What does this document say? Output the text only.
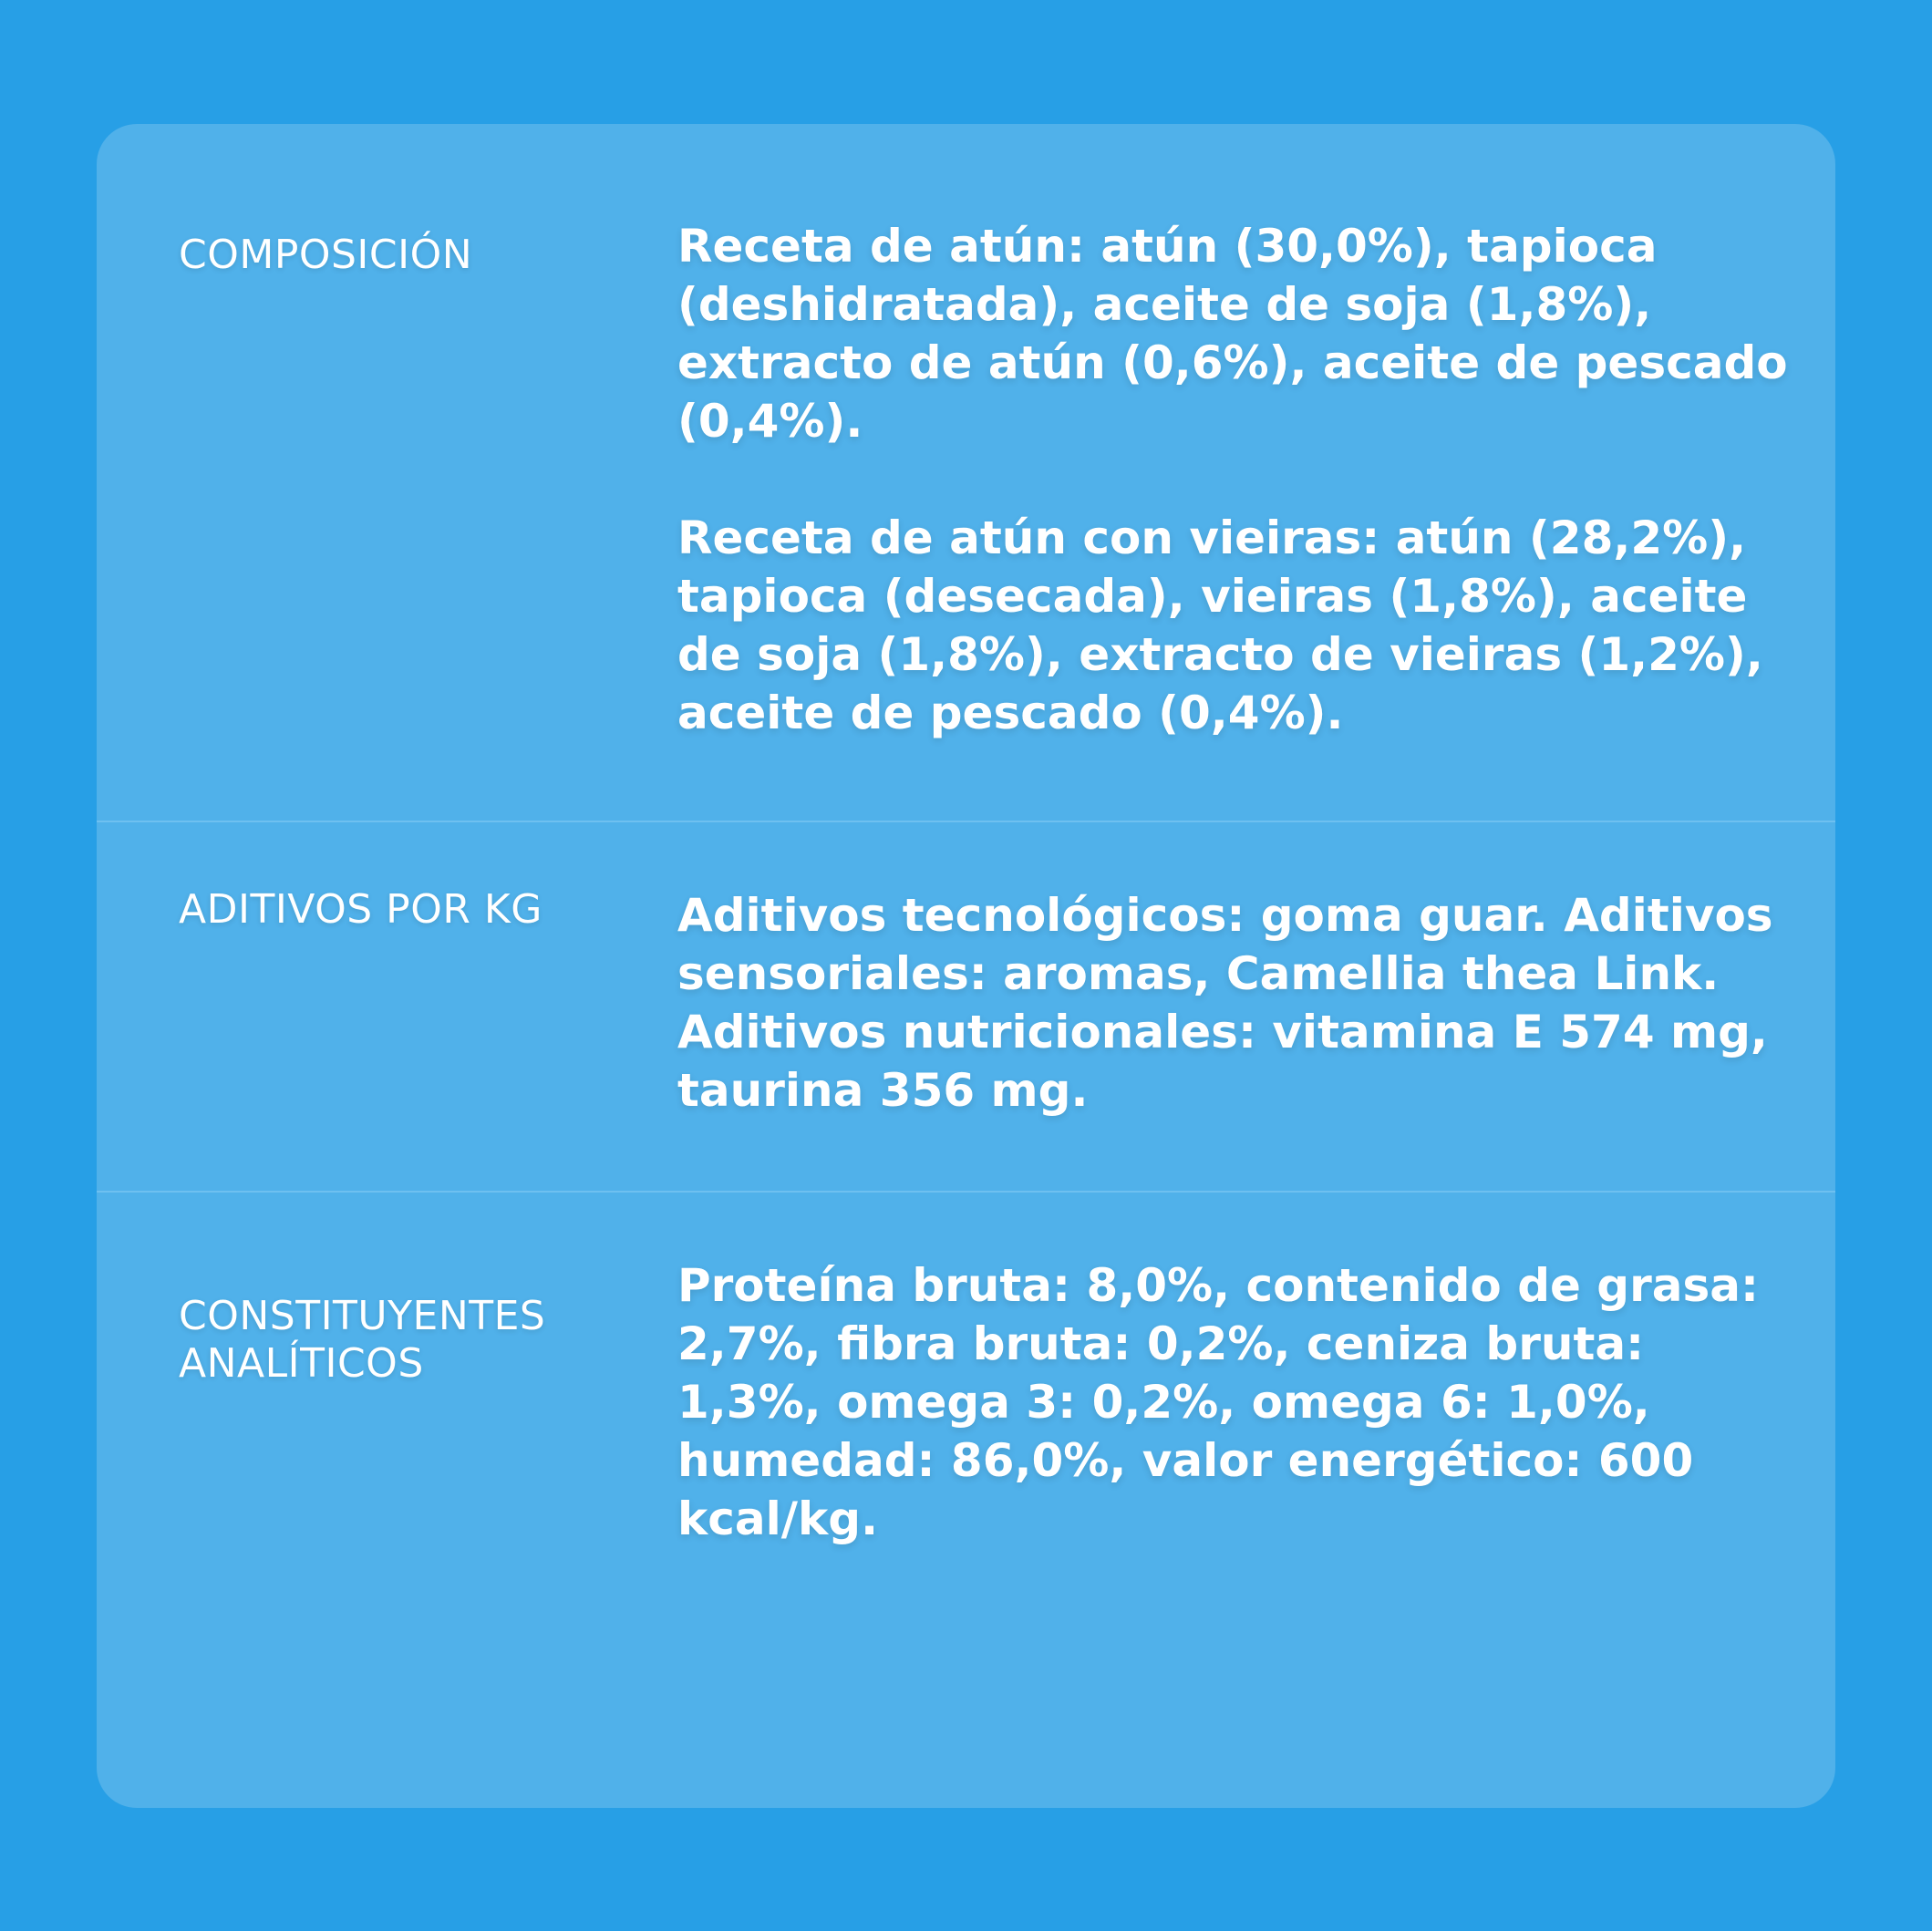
COMPOSICIÓN	Receta de atún: atún (30,0%), tapioca (deshidratada), aceite de soja (1,8%), extracto de atún (0,6%), aceite de pescado (0,4%).

Receta de atún con vieiras: atún (28,2%), tapioca (desecada), vieiras (1,8%), aceite de soja (1,8%), extracto de vieiras (1,2%), aceite de pescado (0,4%).

ADITIVOS POR KG	Aditivos tecnológicos: goma guar. Aditivos sensoriales: aromas, Camellia thea Link. Aditivos nutricionales: vitamina E 574 mg, taurina 356 mg.

CONSTITUYENTES ANALÍTICOS

Proteína bruta: 8,0%, contenido de grasa: 2,7%, fibra bruta: 0,2%, ceniza bruta: 1,3%, omega 3: 0,2%, omega 6: 1,0%, humedad: 86,0%, valor energético: 600 kcal/kg.
